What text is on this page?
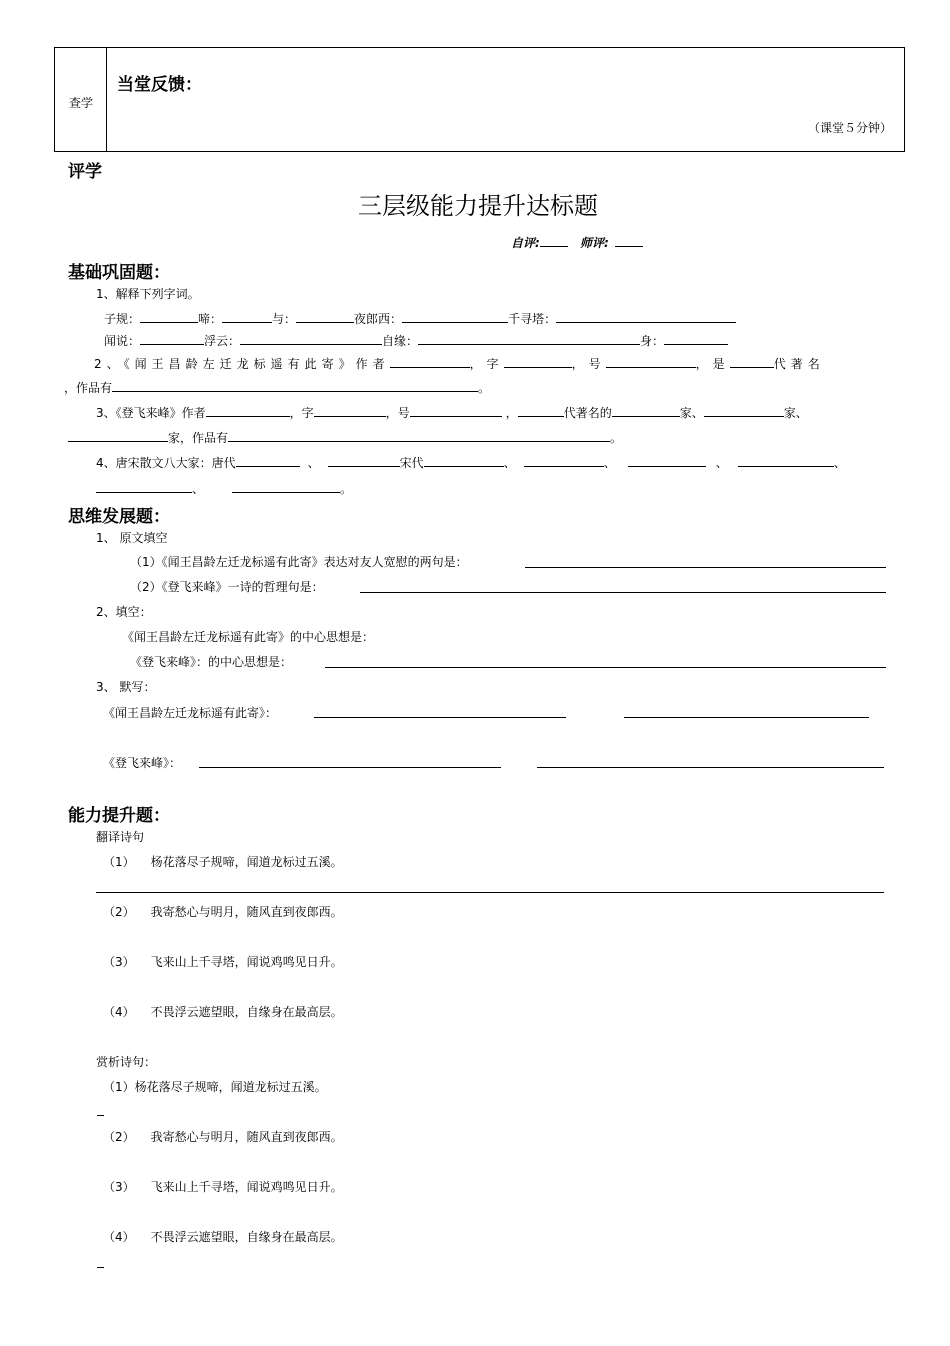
查学
当堂反馈：
（课堂５分钟）
评学
三层级能力提升达标题
自评:	师评:
基础巩固题：
1、解释下列字词。
子规：	啼：	与：	夜郎西：	千寻塔：
闻说：	浮云：	自缘：	身：
2、《闻王昌龄左迁龙标遥有此寄》作者	，字	，号	，是	代著名
，作品有	。
3、《登飞来峰》作者	，字	，号	，	代著名的	家、	家、
家，作品有	。
4、唐宋散文八大家：唐代	、	宋代	、	、	、	、
、	。
思维发展题：
1、 原文填空
（1）《闻王昌龄左迁龙标遥有此寄》表达对友人宽慰的两句是：
（2）《登飞来峰》一诗的哲理句是：
2、填空：
《闻王昌龄左迁龙标遥有此寄》的中心思想是：
《登飞来峰》：的中心思想是：
3、 默写：
《闻王昌龄左迁龙标遥有此寄》：
《登飞来峰》：
能力提升题：
翻译诗句
（1） 杨花落尽子规啼，闻道龙标过五溪。
（2） 我寄愁心与明月，随风直到夜郎西。
（3） 飞来山上千寻塔，闻说鸡鸣见日升。
（4） 不畏浮云遮望眼，自缘身在最高层。
赏析诗句：
（1）杨花落尽子规啼，闻道龙标过五溪。
（2） 我寄愁心与明月，随风直到夜郎西。
（3） 飞来山上千寻塔，闻说鸡鸣见日升。
（4） 不畏浮云遮望眼，自缘身在最高层。
